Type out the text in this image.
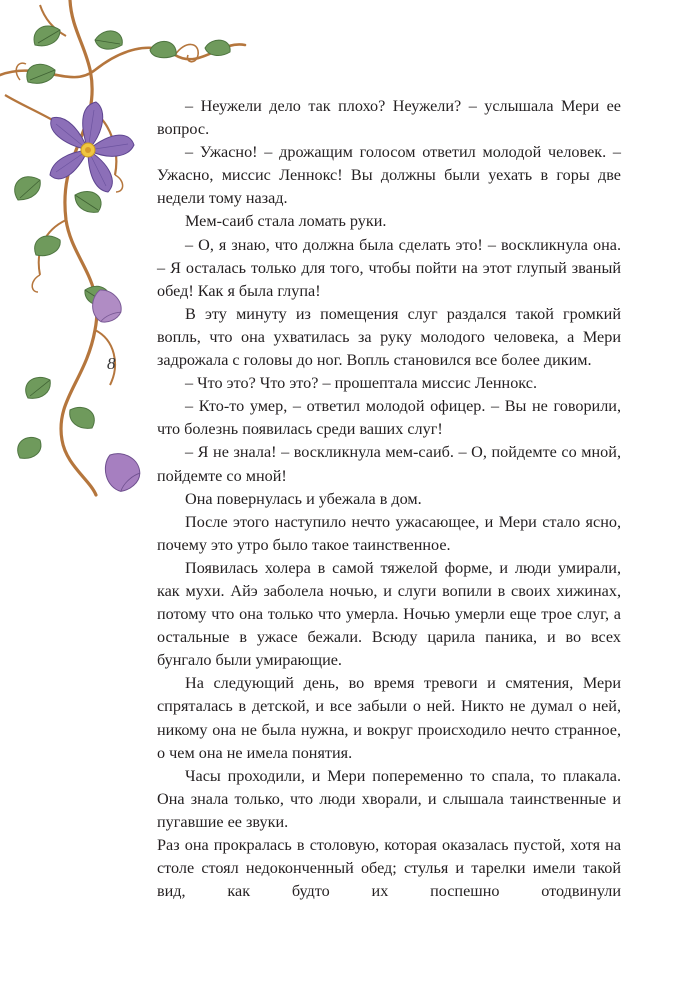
8

– Неужели дело так плохо? Неужели? – услышала Мери ее вопрос.

– Ужасно! – дрожащим голосом ответил молодой человек. – Ужасно, миссис Леннокс! Вы должны были уехать в горы две недели тому назад.

Мем-саиб стала ломать руки.

– О, я знаю, что должна была сделать это! – воскликнула она. – Я осталась только для того, чтобы пойти на этот глупый званый обед! Как я была глупа!

В эту минуту из помещения слуг раздался такой громкий вопль, что она ухватилась за руку молодого человека, а Мери задрожала с головы до ног. Вопль становился все более диким.

– Что это? Что это? – прошептала миссис Леннокс.

– Кто-то умер, – ответил молодой офицер. – Вы не говорили, что болезнь появилась среди ваших слуг!

– Я не знала! – воскликнула мем-саиб. – О, пойдемте со мной, пойдемте со мной!

Она повернулась и убежала в дом.

После этого наступило нечто ужасающее, и Мери стало ясно, почему это утро было такое таинственное.

Появилась холера в самой тяжелой форме, и люди умирали, как мухи. Айэ заболела ночью, и слуги вопили в своих хижинах, потому что она только что умерла. Ночью умерли еще трое слуг, а остальные в ужасе бежали. Всюду царила паника, и во всех бунгало были умирающие.

На следующий день, во время тревоги и смятения, Мери спряталась в детской, и все забыли о ней. Никто не думал о ней, никому она не была нужна, и вокруг происходило нечто странное, о чем она не имела понятия.

Часы проходили, и Мери попеременно то спала, то плакала. Она знала только, что люди хворали, и слышала таинственные и пугавшие ее звуки.

Раз она прокралась в столовую, которая оказалась пустой, хотя на столе стоял недоконченный обед; стулья и тарелки имели такой вид, как будто их поспешно отодвинули
